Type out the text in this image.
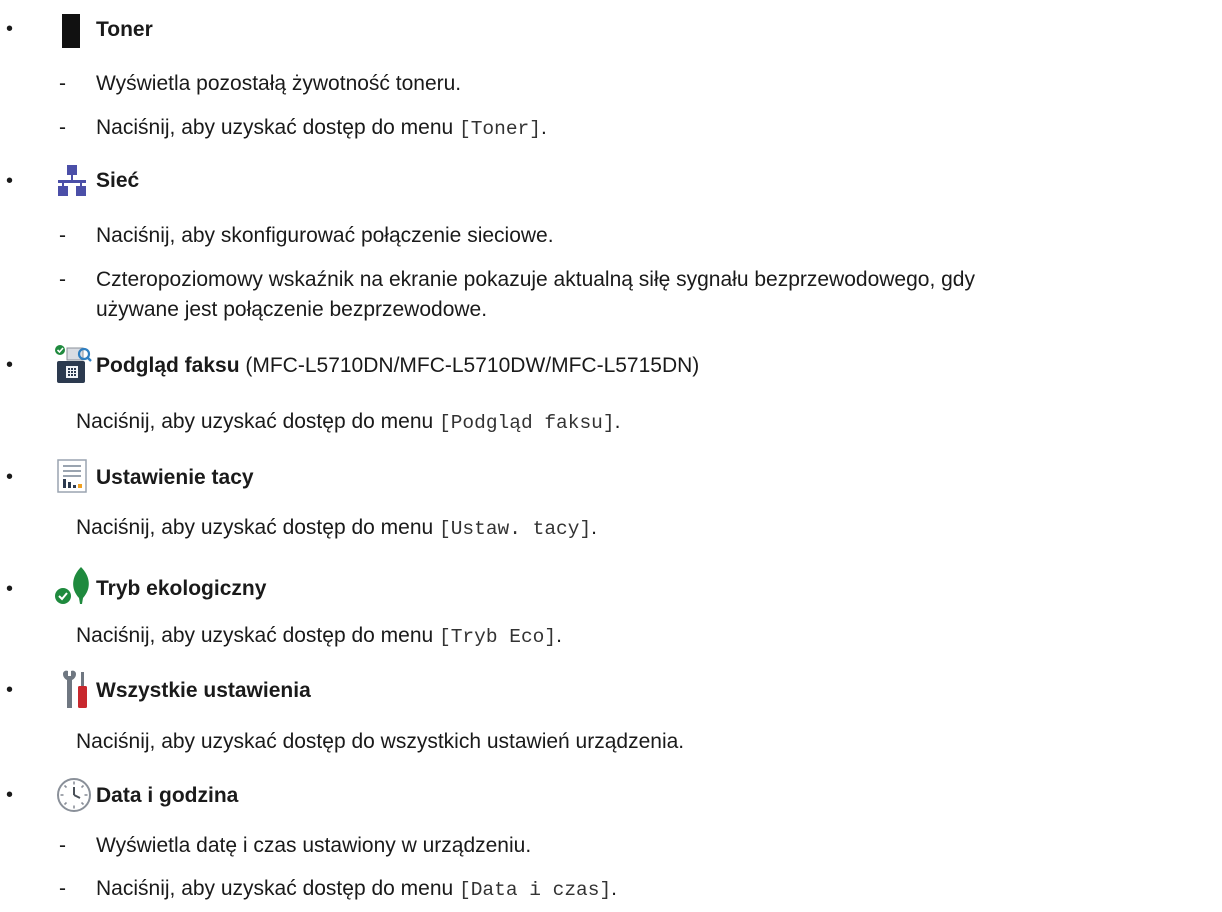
•	Toner
- Wyświetla pozostałą żywotność toneru.
- Naciśnij, aby uzyskać dostęp do menu [Toner].
•	Sieć
- Naciśnij, aby skonfigurować połączenie sieciowe.
- Czteropoziomowy wskaźnik na ekranie pokazuje aktualną siłę sygnału bezprzewodowego, gdy
używane jest połączenie bezprzewodowe.
•	Podgląd faksu (MFC-L5710DN/MFC-L5710DW/MFC-L5715DN)
Naciśnij, aby uzyskać dostęp do menu [Podgląd faksu].
•	Ustawienie tacy
Naciśnij, aby uzyskać dostęp do menu [Ustaw. tacy].
•	Tryb ekologiczny
Naciśnij, aby uzyskać dostęp do menu [Tryb Eco].
•	Wszystkie ustawienia
Naciśnij, aby uzyskać dostęp do wszystkich ustawień urządzenia.
•	Data i godzina
- Wyświetla datę i czas ustawiony w urządzeniu.
- Naciśnij, aby uzyskać dostęp do menu [Data i czas].
